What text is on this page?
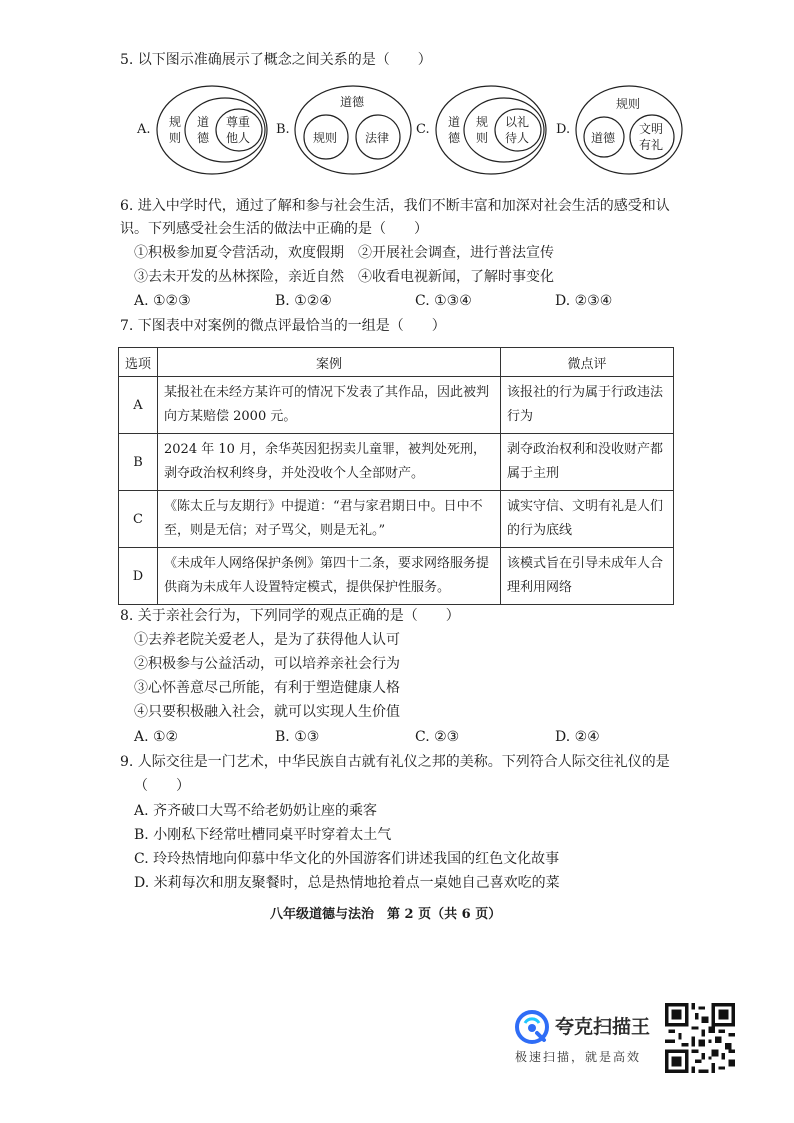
5. 以下图示准确展示了概念之间关系的是（　　）
A. 规
则
道
德
尊重
他人
B.
道德
规则 法律
C. 道
德
规
则
以礼
待人
D.
规则
道德
文明
有礼
6. 进入中学时代，通过了解和参与社会生活，我们不断丰富和加深对社会生活的感受和认
识。下列感受社会生活的做法中正确的是（　　）
①积极参加夏令营活动，欢度假期　②开展社会调查，进行普法宣传
③去未开发的丛林探险，亲近自然　④收看电视新闻，了解时事变化
A. ①②③	B. ①②④	C. ①③④	D. ②③④
7. 下图表中对案例的微点评最恰当的一组是（　　）
选项	案例	微点评
A	某报社在未经方某许可的情况下发表了其作品，因此被判向方某赔偿 2000 元。	该报社的行为属于行政违法行为
B	2024 年 10 月，余华英因犯拐卖儿童罪，被判处死刑，剥夺政治权利终身，并处没收个人全部财产。	剥夺政治权利和没收财产都属于主刑
C	《陈太丘与友期行》中提道：“君与家君期日中。日中不至，则是无信；对子骂父，则是无礼。”	诚实守信、文明有礼是人们的行为底线
D	《未成年人网络保护条例》第四十二条，要求网络服务提供商为未成年人设置特定模式，提供保护性服务。	该模式旨在引导未成年人合理利用网络
8. 关于亲社会行为，下列同学的观点正确的是（　　）
①去养老院关爱老人，是为了获得他人认可
②积极参与公益活动，可以培养亲社会行为
③心怀善意尽己所能，有利于塑造健康人格
④只要积极融入社会，就可以实现人生价值
A. ①②	B. ①③	C. ②③	D. ②④
9. 人际交往是一门艺术，中华民族自古就有礼仪之邦的美称。下列符合人际交往礼仪的是
（　　）
A. 齐齐破口大骂不给老奶奶让座的乘客
B. 小刚私下经常吐槽同桌平时穿着太土气
C. 玲玲热情地向仰慕中华文化的外国游客们讲述我国的红色文化故事
D. 米莉每次和朋友聚餐时，总是热情地抢着点一桌她自己喜欢吃的菜
八年级道德与法治　第 2 页（共 6 页）
夸克扫描王
极速扫描，就是高效
